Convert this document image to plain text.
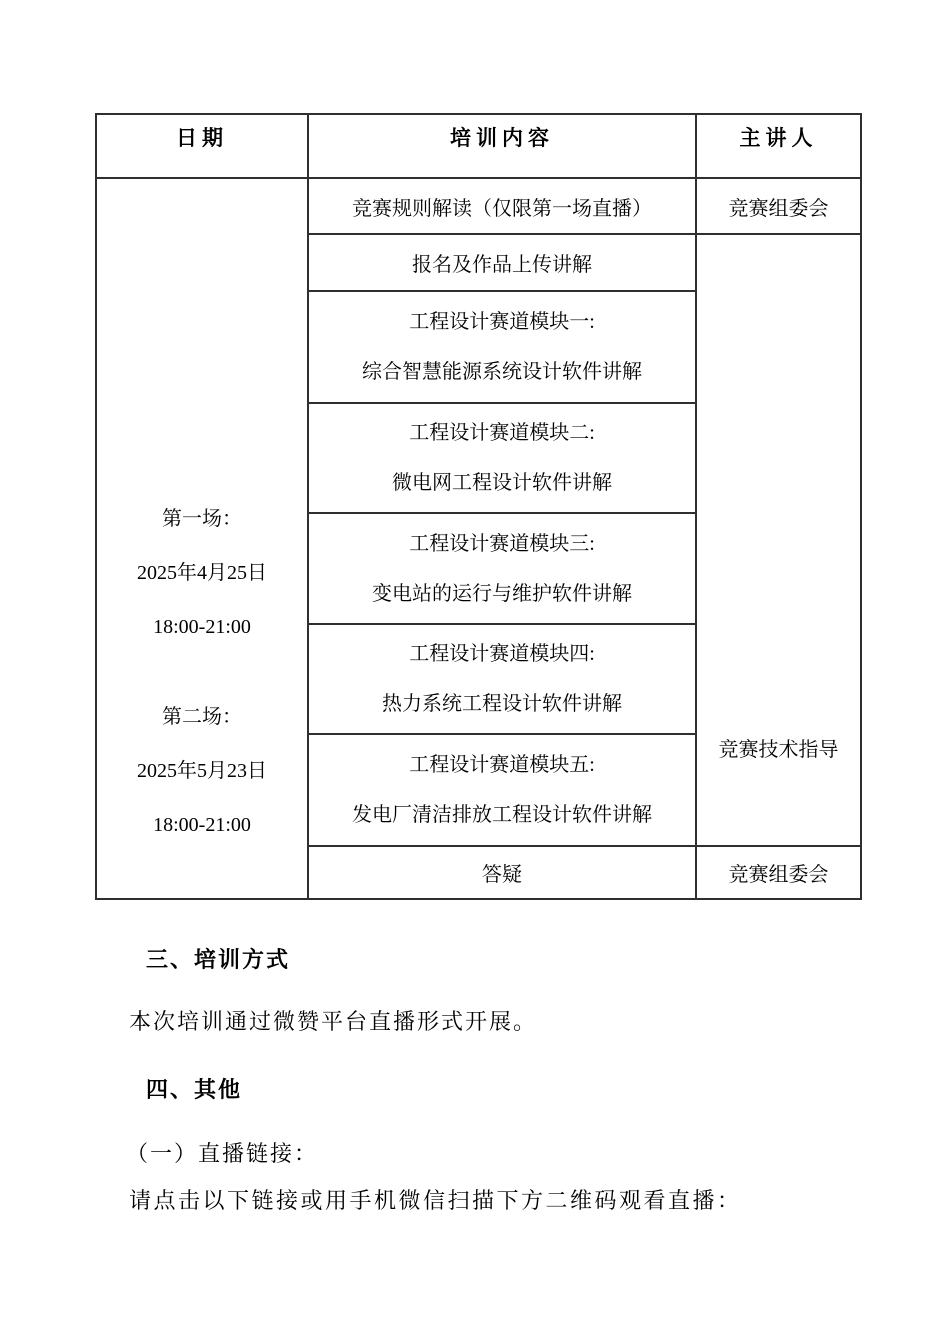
日期	培训内容	主讲人

第一场：
2025年4月25日
18:00-21:00
第二场：
2025年5月23日
18:00-21:00
	竞赛规则解读（仅限第一场直播）	竞赛组委会
	报名及作品上传讲解	竞赛技术指导

	工程设计赛道模块一:
综合智慧能源系统设计软件讲解	

	工程设计赛道模块二:
微电网工程设计软件讲解	

	工程设计赛道模块三:
变电站的运行与维护软件讲解	

	工程设计赛道模块四:
热力系统工程设计软件讲解	

	工程设计赛道模块五:
发电厂清洁排放工程设计软件讲解	

	答疑	竞赛组委会
三、培训方式
本次培训通过微赞平台直播形式开展。
四、其他
（一）直播链接：
请点击以下链接或用手机微信扫描下方二维码观看直播：
